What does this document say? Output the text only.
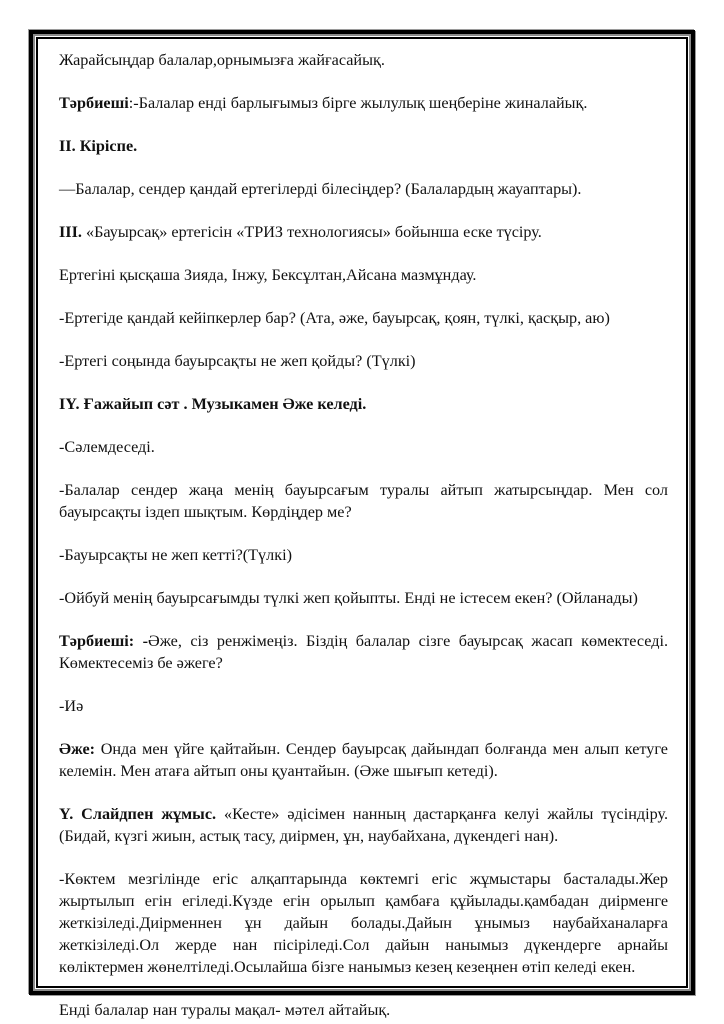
Жарайсыңдар балалар,орнымызға жайғасайық.

Тәрбиеші:-Балалар енді барлығымыз бірге жылулық шеңберіне жиналайық.

ІІ. Кіріспе.

—Балалар, сендер қандай ертегілерді білесіңдер? (Балалардың жауаптары).

ІІІ. «Бауырсақ» ертегісін «ТРИЗ технологиясы» бойынша еске түсіру.

Ертегіні қысқаша Зияда, Інжу, Бексұлтан,Айсана мазмұндау.

-Ертегіде қандай кейіпкерлер бар? (Ата, әже, бауырсақ, қоян, түлкі, қасқыр, аю)

-Ертегі соңында бауырсақты не жеп қойды? (Түлкі)

ІY. Ғажайып сәт . Музыкамен Әже келеді.

-Сәлемдеседі.

-Балалар сендер жаңа менің бауырсағым туралы айтып жатырсыңдар. Мен сол бауырсақты іздеп шықтым. Көрдіңдер ме?

-Бауырсақты не жеп кетті?(Түлкі)

-Ойбуй менің бауырсағымды түлкі жеп қойыпты. Енді не істесем екен? (Ойланады)

Тәрбиеші: -Әже, сіз ренжімеңіз. Біздің балалар сізге бауырсақ жасап көмектеседі. Көмектесеміз бе әжеге?

-Иә

Әже: Онда мен үйге қайтайын. Сендер бауырсақ дайындап болғанда мен алып кетуге келемін. Мен атаға айтып оны қуантайын. (Әже шығып кетеді).

Y. Слайдпен жұмыс. «Кесте» әдісімен нанның дастарқанға келуі жайлы түсіндіру. (Бидай, күзгі жиын, астық тасу, диірмен, ұн, наубайхана, дүкендегі нан).

-Көктем мезгілінде егіс алқаптарында көктемгі егіс жұмыстары басталады.Жер жыртылып егін егіледі.Күзде егін орылып қамбаға құйылады.қамбадан диірменге жеткізіледі.Диірменнен ұн дайын болады.Дайын ұнымыз наубайханаларға жеткізіледі.Ол жерде нан пісіріледі.Сол дайын нанымыз дүкендерге арнайы көліктермен жөнелтіледі.Осылайша бізге нанымыз кезең кезеңнен өтіп келеді екен.

Енді балалар нан туралы мақал- мәтел айтайық.
